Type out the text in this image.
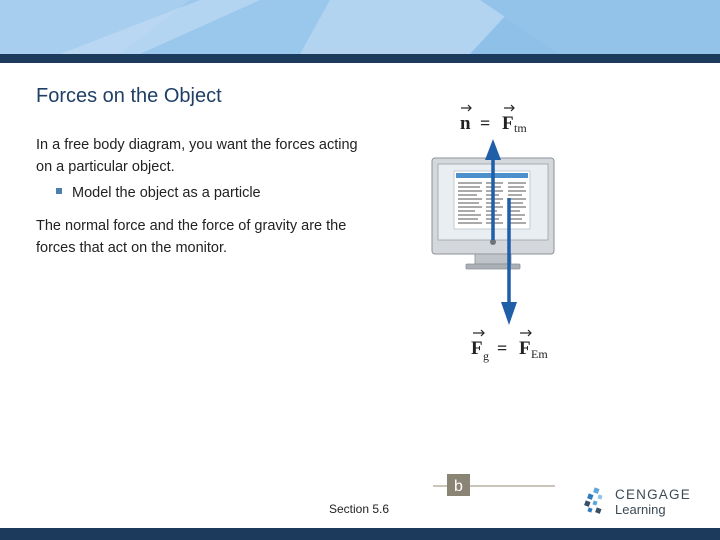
Forces on the Object

In a free body diagram, you want the forces acting on a particular object.

Model the object as a particle

The normal force and the force of gravity are the forces that act on the monitor.

n = F tm
F g = F Em
b
Section 5.6
CENGAGE
Learning
